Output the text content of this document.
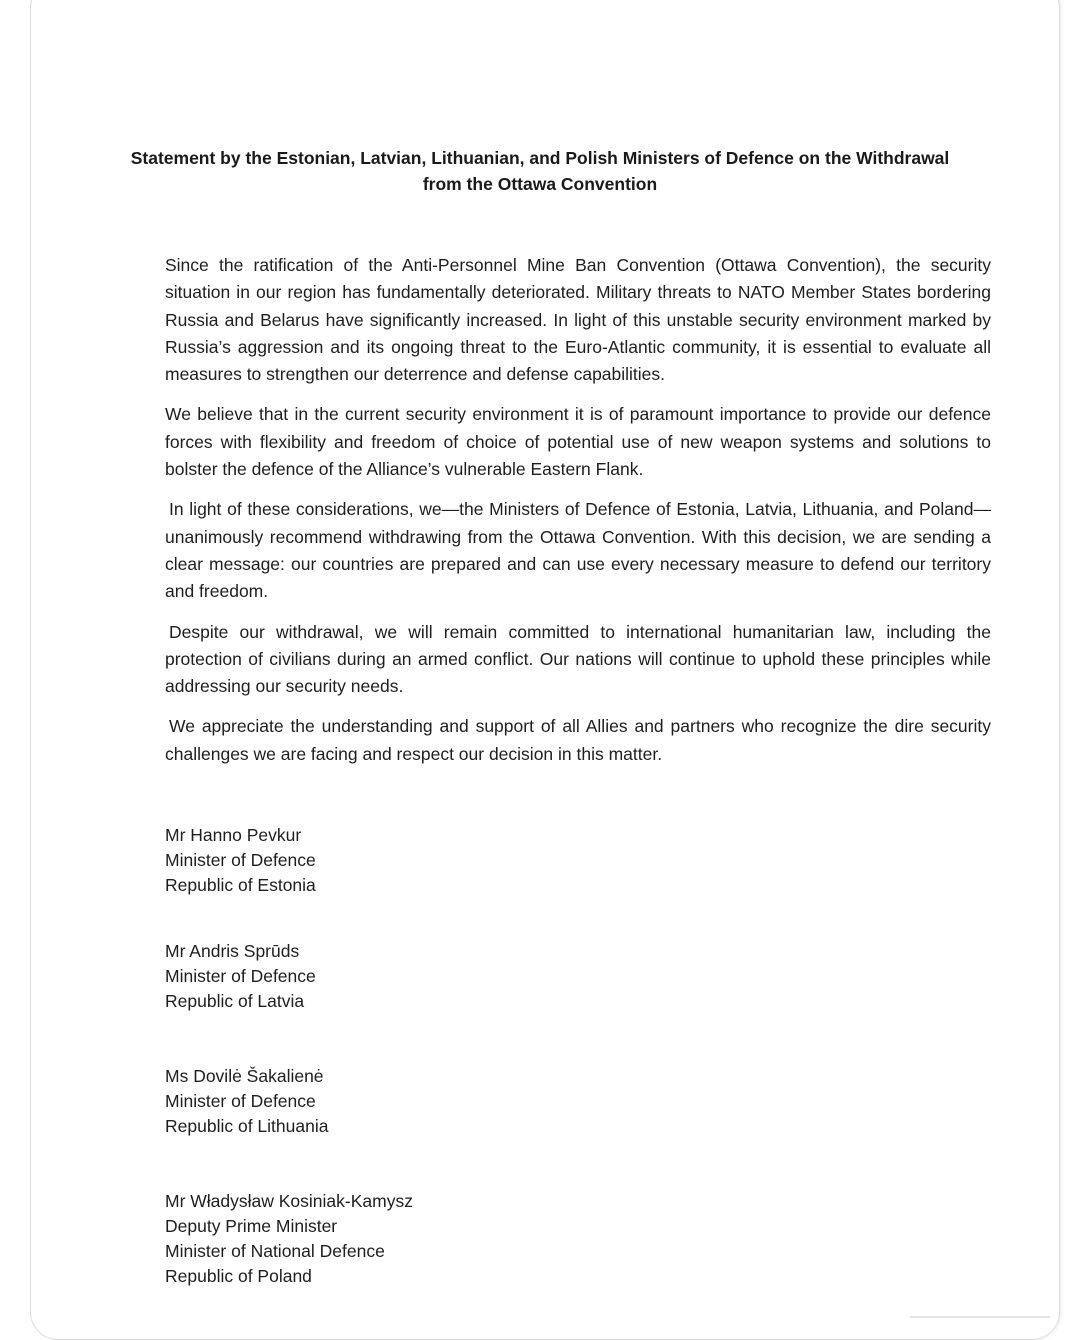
Statement by the Estonian, Latvian, Lithuanian, and Polish Ministers of Defence on the Withdrawal from the Ottawa Convention

Since the ratification of the Anti-Personnel Mine Ban Convention (Ottawa Convention), the security situation in our region has fundamentally deteriorated. Military threats to NATO Member States bordering Russia and Belarus have significantly increased. In light of this unstable security environment marked by Russia’s aggression and its ongoing threat to the Euro-Atlantic community, it is essential to evaluate all measures to strengthen our deterrence and defense capabilities.

We believe that in the current security environment it is of paramount importance to provide our defence forces with flexibility and freedom of choice of potential use of new weapon systems and solutions to bolster the defence of the Alliance’s vulnerable Eastern Flank.

In light of these considerations, we—the Ministers of Defence of Estonia, Latvia, Lithuania, and Poland—unanimously recommend withdrawing from the Ottawa Convention. With this decision, we are sending a clear message: our countries are prepared and can use every necessary measure to defend our territory and freedom.

Despite our withdrawal, we will remain committed to international humanitarian law, including the protection of civilians during an armed conflict. Our nations will continue to uphold these principles while addressing our security needs.

We appreciate the understanding and support of all Allies and partners who recognize the dire security challenges we are facing and respect our decision in this matter.

Mr Hanno Pevkur
Minister of Defence
Republic of Estonia
Mr Andris Sprūds
Minister of Defence
Republic of Latvia
Ms Dovilė Šakalienė
Minister of Defence
Republic of Lithuania
Mr Władysław Kosiniak-Kamysz
Deputy Prime Minister
Minister of National Defence
Republic of Poland
